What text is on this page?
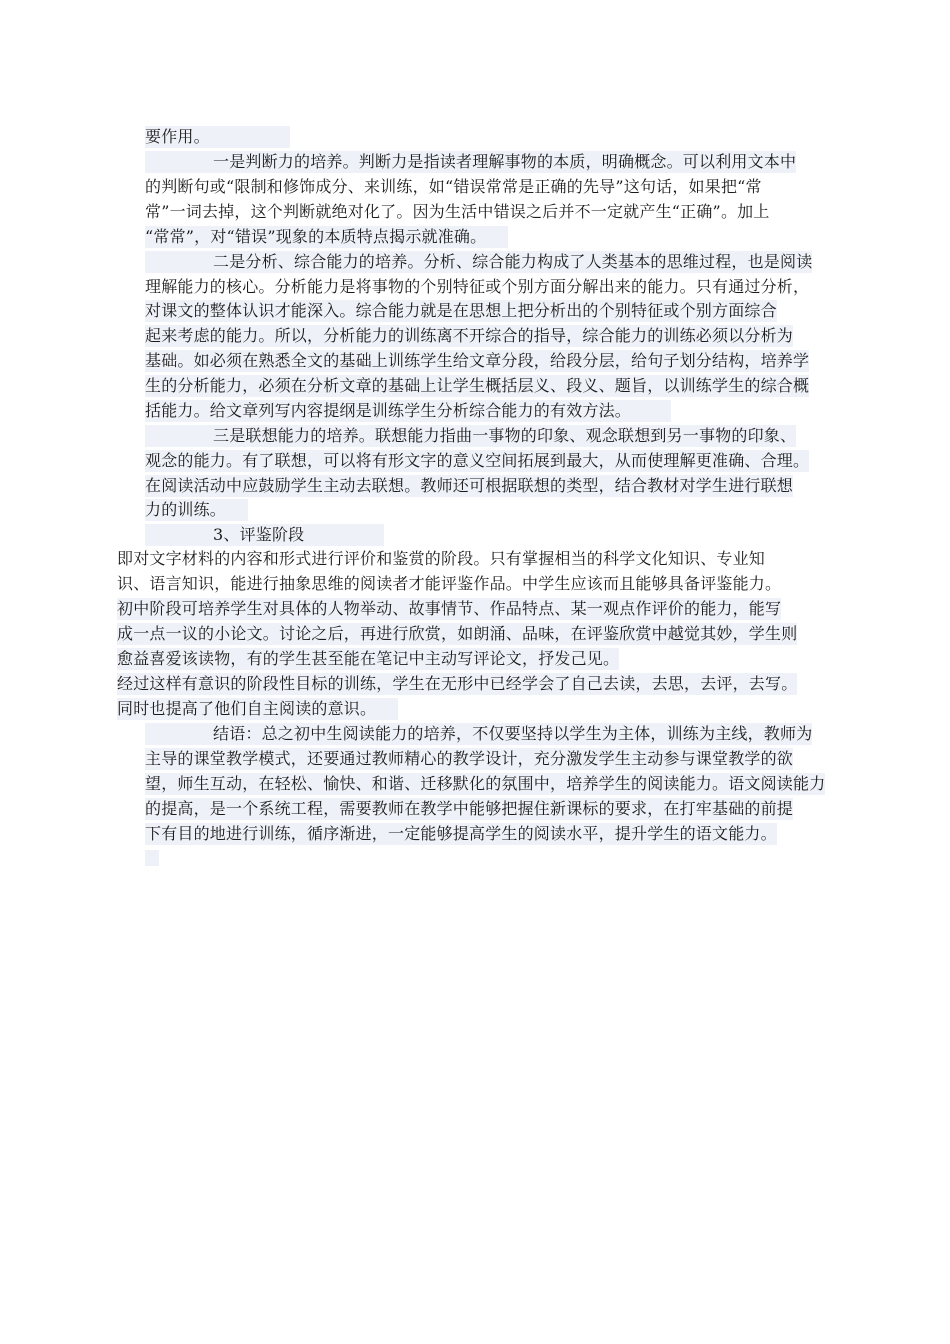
要作用。
一是判断力的培养。判断力是指读者理解事物的本质，明确概念。可以利用文本中
的判断句或“限制和修饰成分、来训练，如“错误常常是正确的先导”这句话，如果把“常
常”一词去掉，这个判断就绝对化了。因为生活中错误之后并不一定就产生“正确”。加上
“常常”，对“错误”现象的本质特点揭示就准确。
二是分析、综合能力的培养。分析、综合能力构成了人类基本的思维过程，也是阅读
理解能力的核心。分析能力是将事物的个别特征或个别方面分解出来的能力。只有通过分析，
对课文的整体认识才能深入。综合能力就是在思想上把分析出的个别特征或个别方面综合
起来考虑的能力。所以，分析能力的训练离不开综合的指导，综合能力的训练必须以分析为
基础。如必须在熟悉全文的基础上训练学生给文章分段，给段分层，给句子划分结构，培养学
生的分析能力，必须在分析文章的基础上让学生概括层义、段义、题旨，以训练学生的综合概
括能力。给文章列写内容提纲是训练学生分析综合能力的有效方法。
三是联想能力的培养。联想能力指曲一事物的印象、观念联想到另一事物的印象、
观念的能力。有了联想，可以将有形文字的意义空间拓展到最大，从而使理解更准确、合理。
在阅读活动中应鼓励学生主动去联想。教师还可根据联想的类型，结合教材对学生进行联想
力的训练。
3、评鉴阶段
即对文字材料的内容和形式进行评价和鉴赏的阶段。只有掌握相当的科学文化知识、专业知
识、语言知识，能进行抽象思维的阅读者才能评鉴作品。中学生应该而且能够具备评鉴能力。
初中阶段可培养学生对具体的人物举动、故事情节、作品特点、某一观点作评价的能力，能写
成一点一议的小论文。讨论之后，再进行欣赏，如朗涌、品味，在评鉴欣赏中越觉其妙，学生则
愈益喜爱该读物，有的学生甚至能在笔记中主动写评论文，抒发己见。
经过这样有意识的阶段性目标的训练，学生在无形中已经学会了自己去读，去思，去评，去写。
同时也提高了他们自主阅读的意识。
结语：总之初中生阅读能力的培养，不仅要坚持以学生为主体，训练为主线，教师为
主导的课堂教学模式，还要通过教师精心的教学设计，充分激发学生主动参与课堂教学的欲
望，师生互动，在轻松、愉快、和谐、迁移默化的氛围中，培养学生的阅读能力。语文阅读能力
的提高，是一个系统工程，需要教师在教学中能够把握住新课标的要求，在打牢基础的前提
下有目的地进行训练，循序渐进，一定能够提高学生的阅读水平，提升学生的语文能力。
